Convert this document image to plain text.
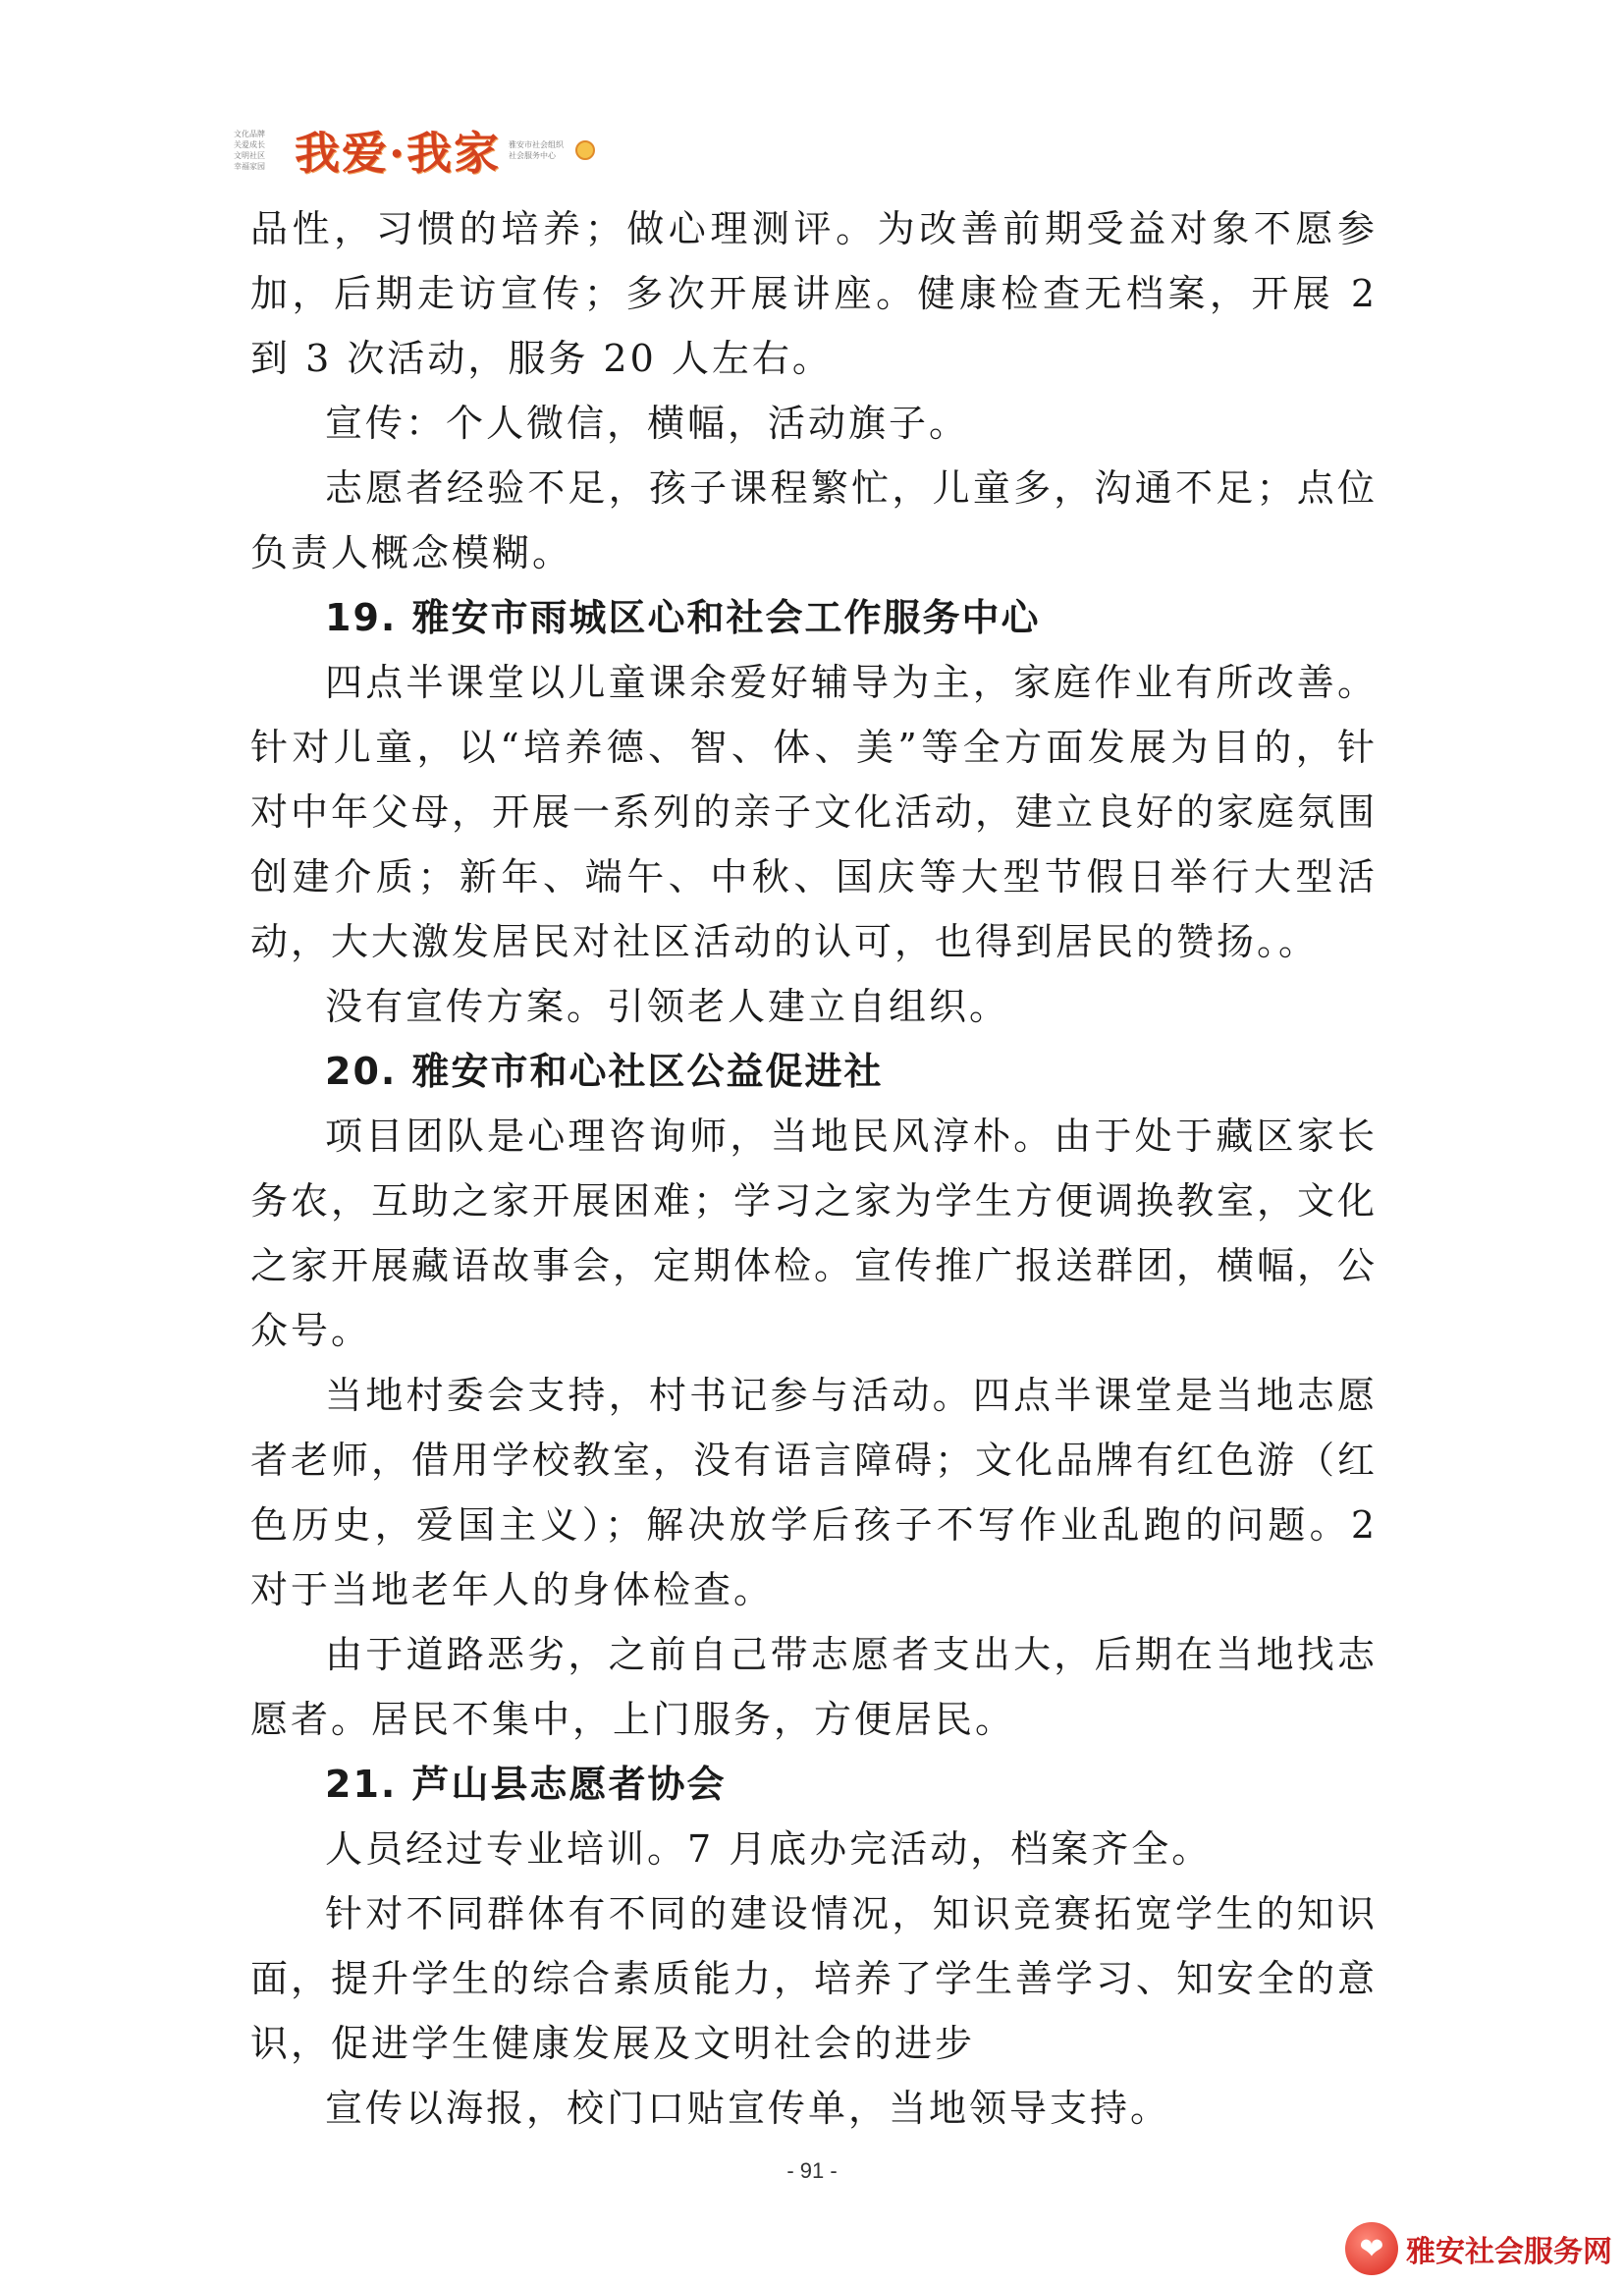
文化品牌
关爱成长
文明社区
幸福家园 我爱·我家 雅安市社会组织
社会服务中心

品性，习惯的培养；做心理测评。为改善前期受益对象不愿参加，后期走访宣传；多次开展讲座。健康检查无档案，开展 2 到 3 次活动，服务 20 人左右。

宣传：个人微信，横幅，活动旗子。

志愿者经验不足，孩子课程繁忙，儿童多，沟通不足；点位负责人概念模糊。

19. 雅安市雨城区心和社会工作服务中心

四点半课堂以儿童课余爱好辅导为主，家庭作业有所改善。针对儿童，以“培养德、智、体、美”等全方面发展为目的，针对中年父母，开展一系列的亲子文化活动，建立良好的家庭氛围创建介质；新年、端午、中秋、国庆等大型节假日举行大型活动，大大激发居民对社区活动的认可，也得到居民的赞扬。。

没有宣传方案。引领老人建立自组织。

20. 雅安市和心社区公益促进社

项目团队是心理咨询师，当地民风淳朴。由于处于藏区家长务农，互助之家开展困难；学习之家为学生方便调换教室，文化之家开展藏语故事会，定期体检。宣传推广报送群团，横幅，公众号。

当地村委会支持，村书记参与活动。四点半课堂是当地志愿者老师，借用学校教室，没有语言障碍；文化品牌有红色游（红色历史，爱国主义）；解决放学后孩子不写作业乱跑的问题。2 对于当地老年人的身体检查。

由于道路恶劣，之前自己带志愿者支出大，后期在当地找志愿者。居民不集中，上门服务，方便居民。

21. 芦山县志愿者协会

人员经过专业培训。7 月底办完活动，档案齐全。

针对不同群体有不同的建设情况，知识竞赛拓宽学生的知识面，提升学生的综合素质能力，培养了学生善学习、知安全的意识，促进学生健康发展及文明社会的进步

宣传以海报，校门口贴宣传单，当地领导支持。

- 91 -
❤ 雅安社会服务网
